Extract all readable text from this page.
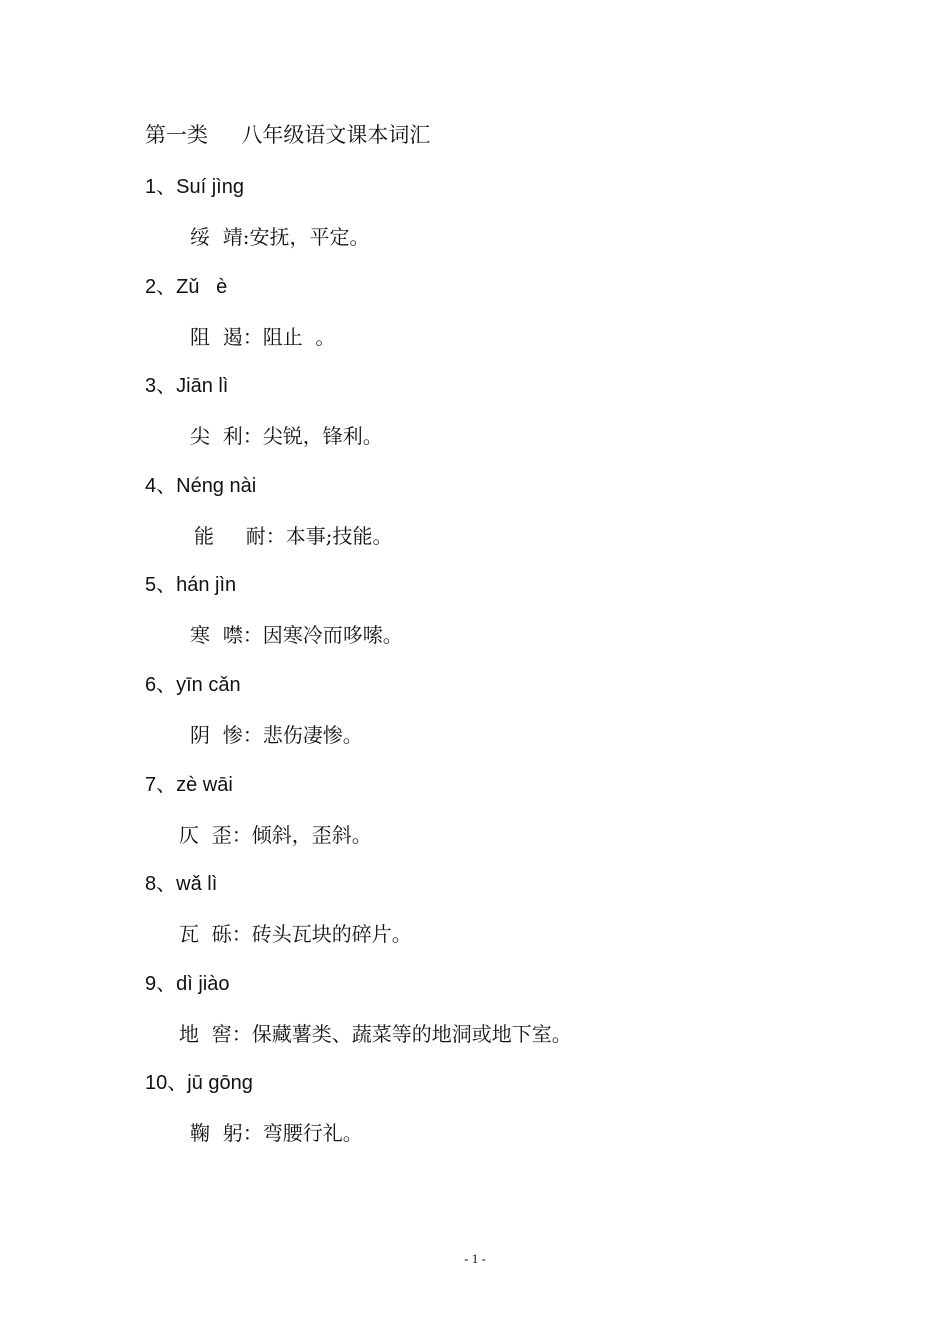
第一类     八年级语文课本词汇
1、Suí jìng
绥  靖:安抚，平定。
2、Zǔ   è
阻  遏：阻止  。
3、Jiān lì
尖  利：尖锐，锋利。
4、Néng nài
能     耐：本事;技能。
5、hán jìn
寒  噤：因寒冷而哆嗦。
6、yīn cǎn
阴  惨：悲伤凄惨。
7、zè wāi
仄  歪：倾斜，歪斜。
8、wǎ lì
瓦  砾：砖头瓦块的碎片。
9、dì jiào
地  窖：保藏薯类、蔬菜等的地洞或地下室。
10、jū gōng
鞠  躬：弯腰行礼。
- 1 -
